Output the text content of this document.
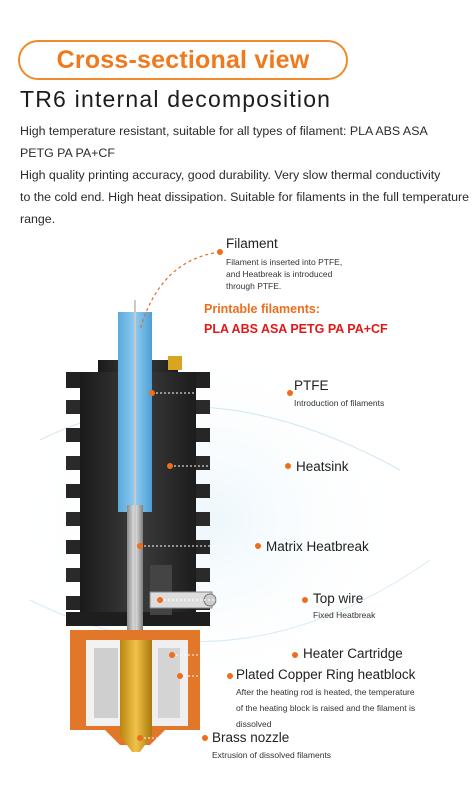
Cross-sectional view
TR6 internal decomposition
High temperature resistant, suitable for all types of filament: PLA ABS ASA
PETG PA PA+CF
High quality printing accuracy, good durability. Very slow thermal conductivity
to the cold end. High heat dissipation. Suitable for filaments in the full temperature
range.
Filament
Filament is inserted into PTFE,
and Heatbreak is introduced
through PTFE.
Printable filaments:
PLA ABS ASA PETG PA PA+CF
PTFE
Introduction of filaments
Heatsink
Matrix Heatbreak
Top wire
Fixed Heatbreak
Heater Cartridge
Plated Copper Ring heatblock
After the heating rod is heated, the temperature
of the heating block is raised and the filament is
dissolved
Brass nozzle
Extrusion of dissolved filaments
